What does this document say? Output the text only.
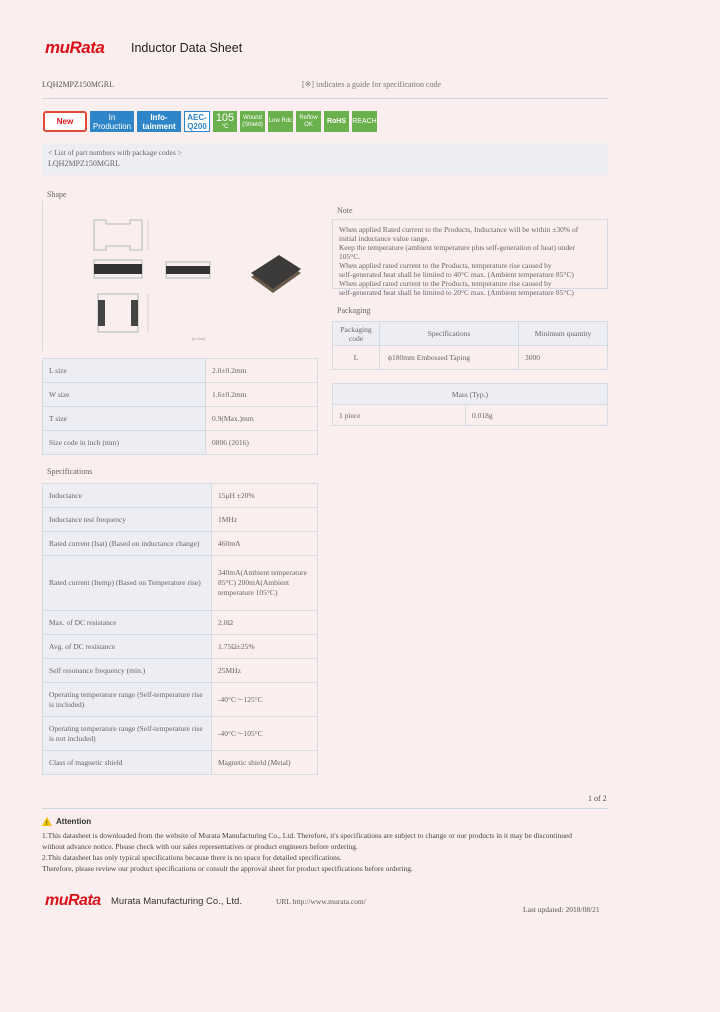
muRata Inductor Data Sheet
LQH2MPZ150MGRL	[※] indicates a guide for specification code
New	In Production
Info-tainment
AEC-Q200
105
°C
Wound
(Shield)
Low Rdc
Reflow OK	RoHS REACH
< List of part numbers with package codes >
LQH2MPZ150MGRL
Shape
(in mm)
L size	2.0±0.2mm
W size	1.6±0.2mm
T size	0.9(Max.)mm
Size code in inch (mm)	0806 (2016)
Note
When applied Rated current to the Products, Inductance will be within ±30% of
initial inductance value range.
Keep the temperature (ambient temperature plus self-generation of heat) under
105°C.
When applied rated current to the Products, temperature rise caused by
self-generated heat shall be limited to 40°C max. (Ambient temperature 85°C)
When applied rated current to the Products, temperature rise caused by
self-generated heat shall be limited to 20°C max. (Ambient temperature 85°C)
Packaging
Packaging code	Specifications	Minimum quantity
L	ϕ180mm Embossed Taping	3000
Mass (Typ.)
1 piece	0.018g
Specifications
Inductance	15μH ±20%
Inductance test frequency	1MHz
Rated current (Isat) (Based on inductance change)	460mA
Rated current (Itemp) (Based on Temperature rise)	340mA(Ambient temperature 85°C) 200mA(Ambient temperature 105°C)
Max. of DC resistance	2.0Ω
Avg. of DC resistance	1.75Ω±25%
Self resonance frequency (min.)	25MHz
Operating temperature range (Self-temperature rise is included)	-40°C～125°C
Operating temperature range (Self-temperature rise is not included)	-40°C～105°C
Class of magnetic shield	Magnetic shield (Metal)
1 of 2
! Attention
1.This datasheet is downloaded from the website of Murata Manufacturing Co., Ltd. Therefore, it's specifications are subject to change or our products in it may be discontinued
without advance notice. Please check with our sales representatives or product engineers before ordering.
2.This datasheet has only typical specifications because there is no space for detailed specifications.
Therefore, please review our product specifications or consult the approval sheet for product specifications before ordering.
muRata Murata Manufacturing Co., Ltd.	URL http://www.murata.com/
Last updated: 2018/08/21
